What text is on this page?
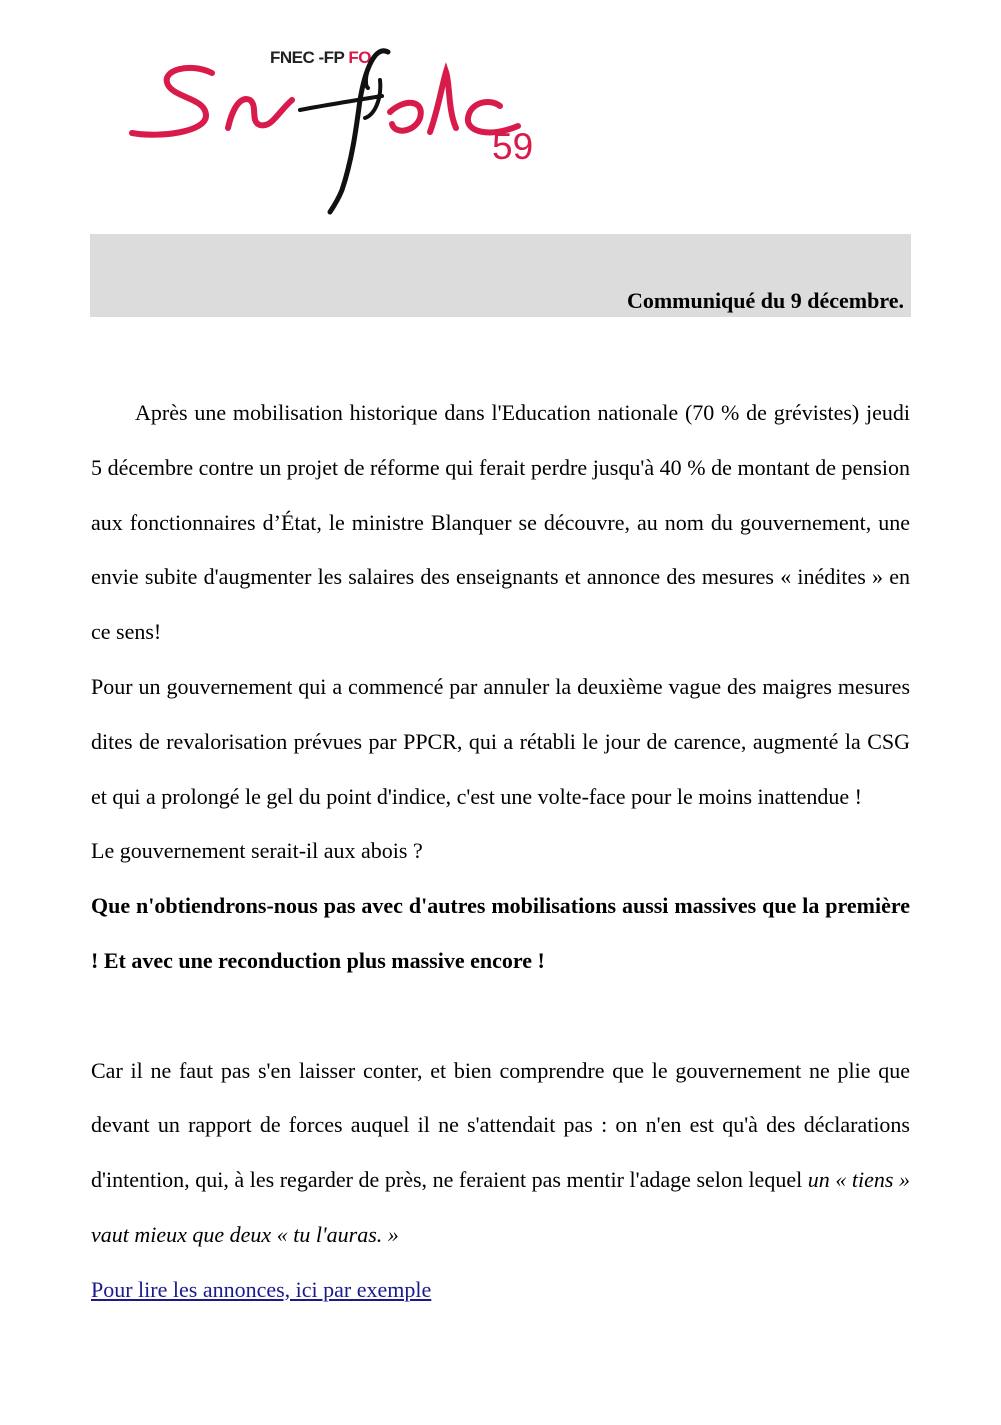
FNEC -FP FO
59
Communiqué du 9 décembre.

Après une mobilisation historique dans l'Education nationale (70 % de grévistes) jeudi 5 décembre contre un projet de réforme qui ferait perdre jusqu'à 40 % de montant de pension aux fonctionnaires d’État, le ministre Blanquer se découvre, au nom du gouvernement, une envie subite d'augmenter les salaires des enseignants et annonce des mesures « inédites » en ce sens!

Pour un gouvernement qui a commencé par annuler la deuxième vague des maigres mesures dites de revalorisation prévues par PPCR, qui a rétabli le jour de carence, augmenté la CSG et qui a prolongé le gel du point d'indice, c'est une volte-face pour le moins inattendue !

Le gouvernement serait-il aux abois ?

Que n'obtiendrons-nous pas avec d'autres mobilisations aussi massives que la première ! Et avec une reconduction plus massive encore !

Car il ne faut pas s'en laisser conter, et bien comprendre que le gouvernement ne plie que devant un rapport de forces auquel il ne s'attendait pas : on n'en est qu'à des déclarations d'intention, qui, à les regarder de près, ne feraient pas mentir l'adage selon lequel un « tiens » vaut mieux que deux « tu l'auras. »

Pour lire les annonces, ici par exemple
